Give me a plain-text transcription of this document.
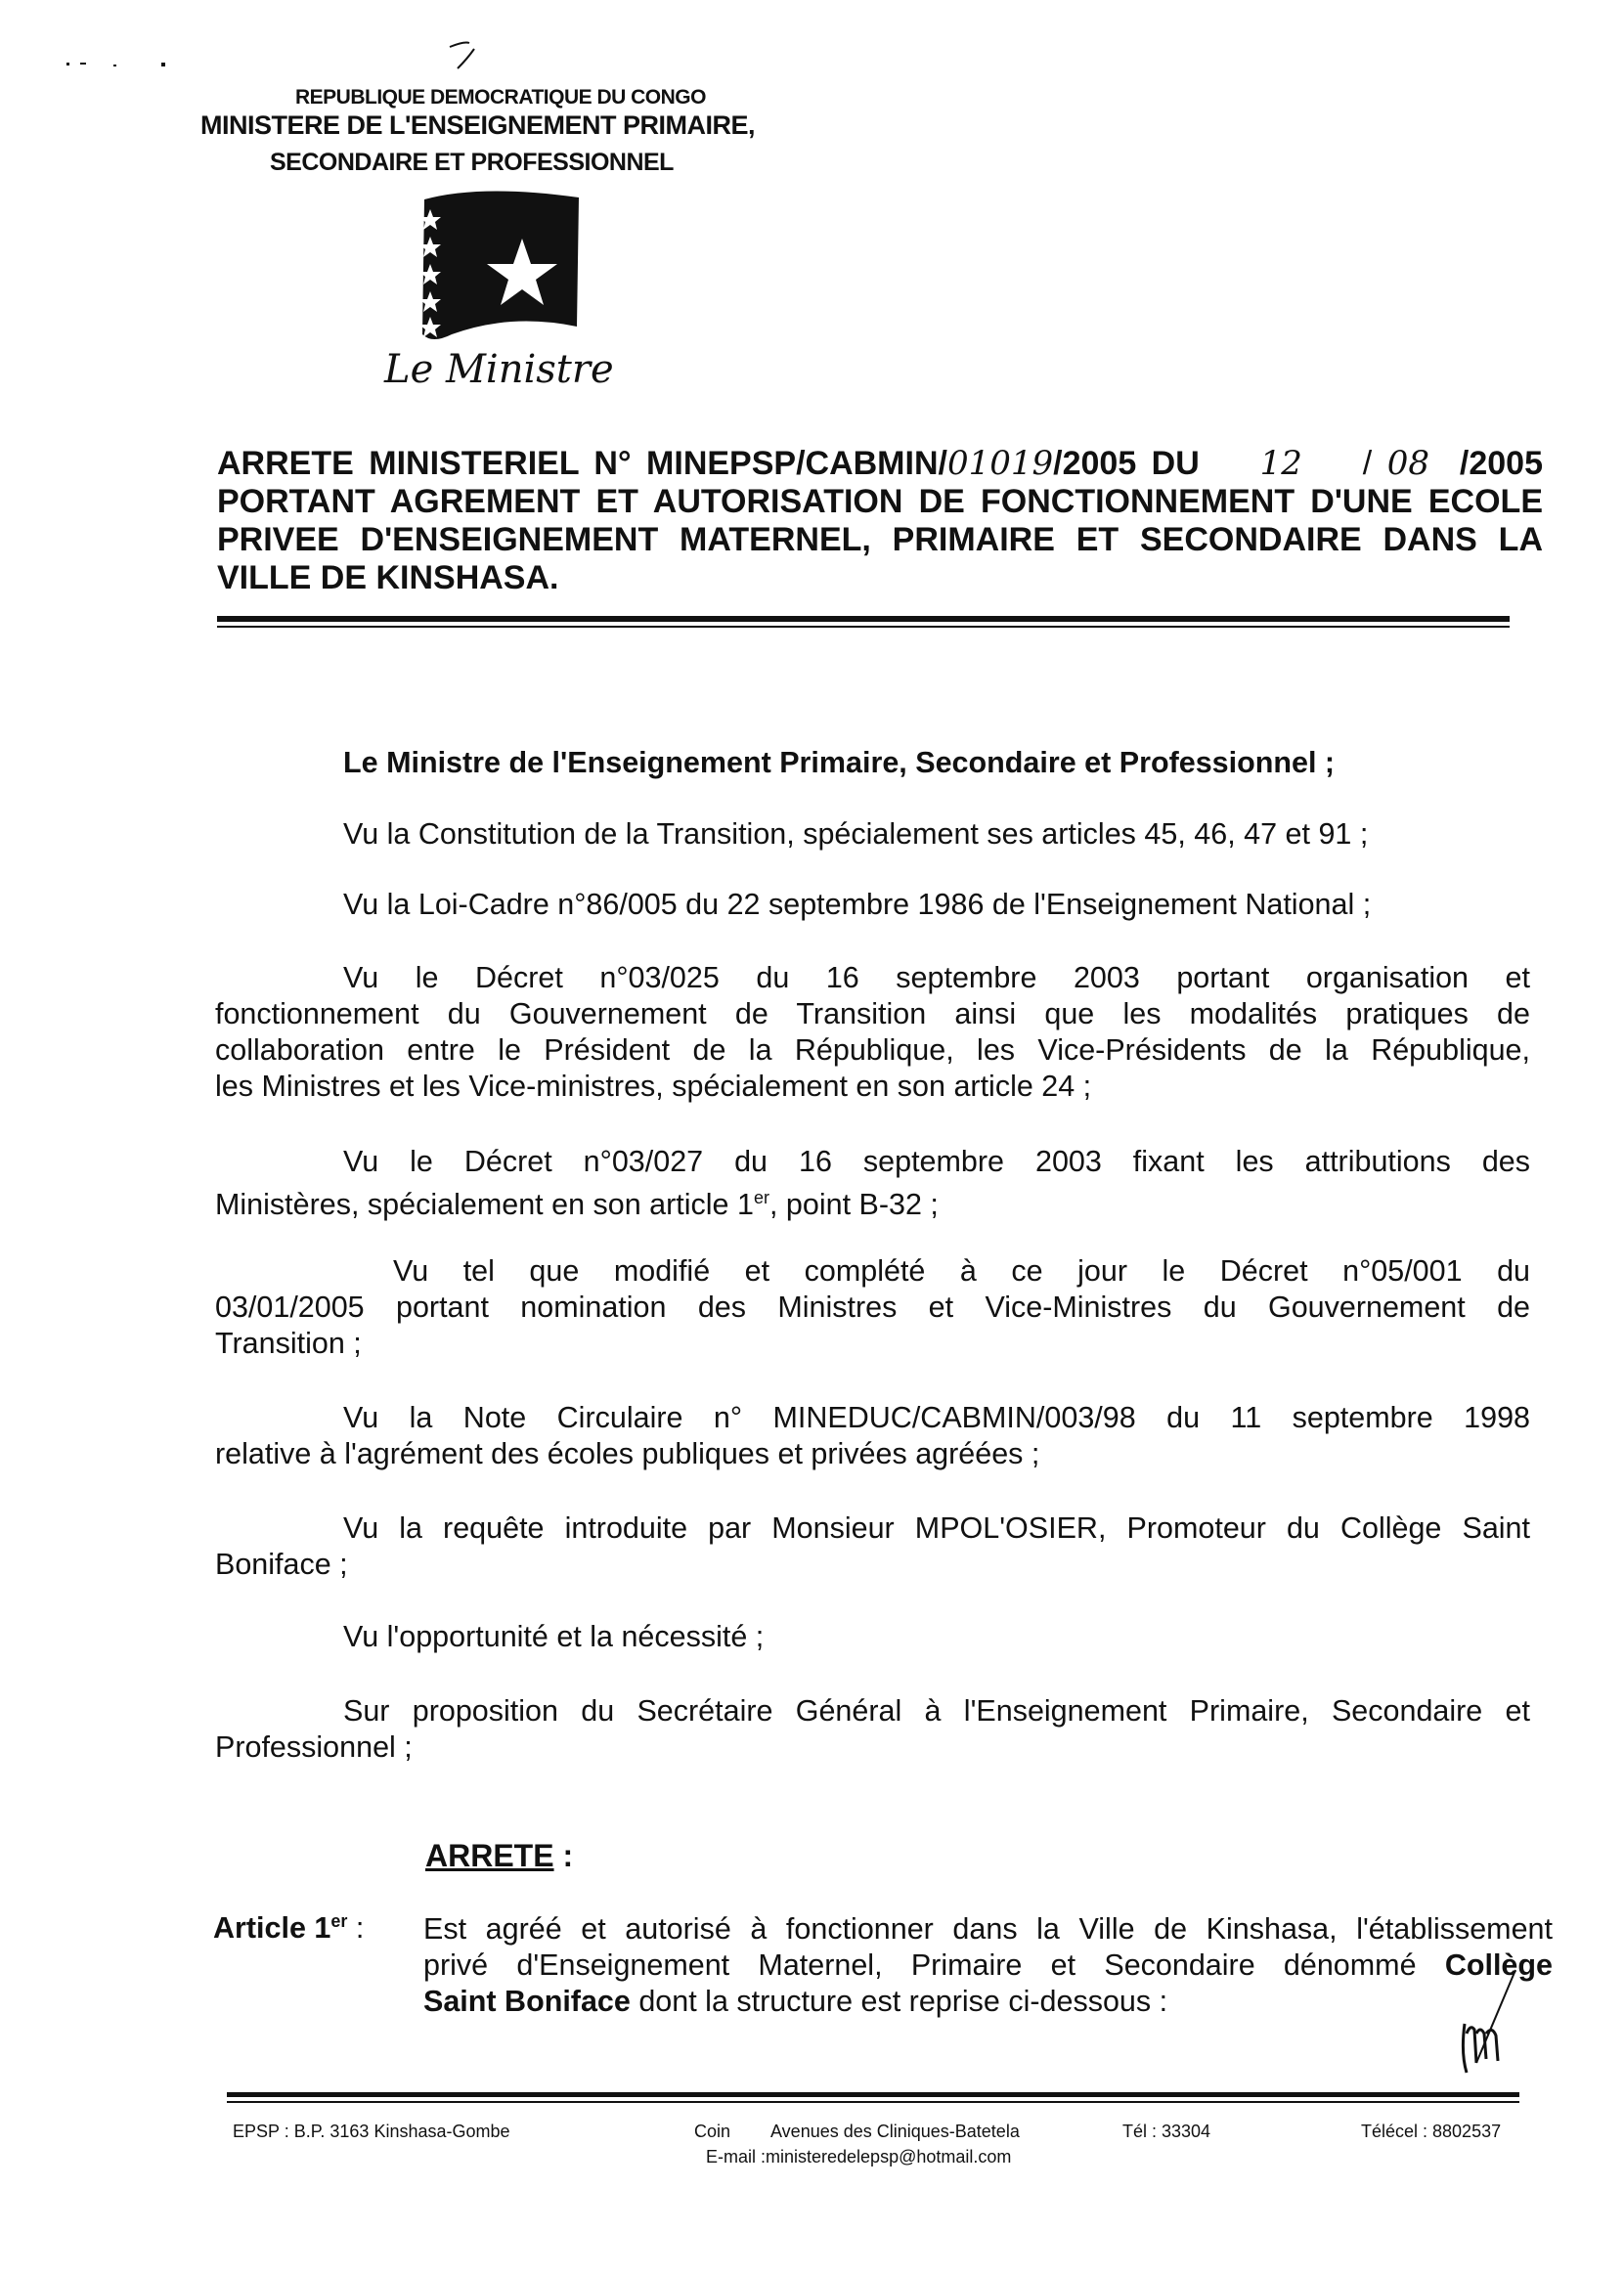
REPUBLIQUE DEMOCRATIQUE DU CONGO
MINISTERE DE L'ENSEIGNEMENT PRIMAIRE,
SECONDAIRE ET PROFESSIONNEL
Le Ministre
ARRETE MINISTERIEL N° MINEPSP/CABMIN/01019/2005 DU 12 / 08 /2005
PORTANT AGREMENT ET AUTORISATION DE FONCTIONNEMENT D'UNE ECOLE
PRIVEE D'ENSEIGNEMENT MATERNEL, PRIMAIRE ET SECONDAIRE DANS LA
VILLE DE KINSHASA.
Le Ministre de l'Enseignement Primaire, Secondaire et Professionnel ;
Vu la Constitution de la Transition, spécialement ses articles 45, 46, 47 et 91 ;
Vu la Loi-Cadre n°86/005 du 22 septembre 1986 de l'Enseignement National ;
Vu le Décret n°03/025 du 16 septembre 2003 portant organisation et
fonctionnement du Gouvernement de Transition ainsi que les modalités pratiques de
collaboration entre le Président de la République, les Vice-Présidents de la République,
les Ministres et les Vice-ministres, spécialement en son article 24 ;
Vu le Décret n°03/027 du 16 septembre 2003 fixant les attributions des
Ministères, spécialement en son article 1er, point B-32 ;
Vu tel que modifié et complété à ce jour le Décret n°05/001 du
03/01/2005 portant nomination des Ministres et Vice-Ministres du Gouvernement de
Transition ;
Vu la Note Circulaire n° MINEDUC/CABMIN/003/98 du 11 septembre 1998
relative à l'agrément des écoles publiques et privées agréées ;
Vu la requête introduite par Monsieur MPOL'OSIER, Promoteur du Collège Saint
Boniface ;
Vu l'opportunité et la nécessité ;
Sur proposition du Secrétaire Général à l'Enseignement Primaire, Secondaire et
Professionnel ;
ARRETE :
Article 1er : Est agréé et autorisé à fonctionner dans la Ville de Kinshasa, l'établissement
privé d'Enseignement Maternel, Primaire et Secondaire dénommé Collège
Saint Boniface dont la structure est reprise ci-dessous :
EPSP : B.P. 3163 Kinshasa-Gombe	Coin Avenues des Cliniques-Batetela
E-mail :ministeredelepsp@hotmail.com
Tél : 33304	Télécel : 8802537
